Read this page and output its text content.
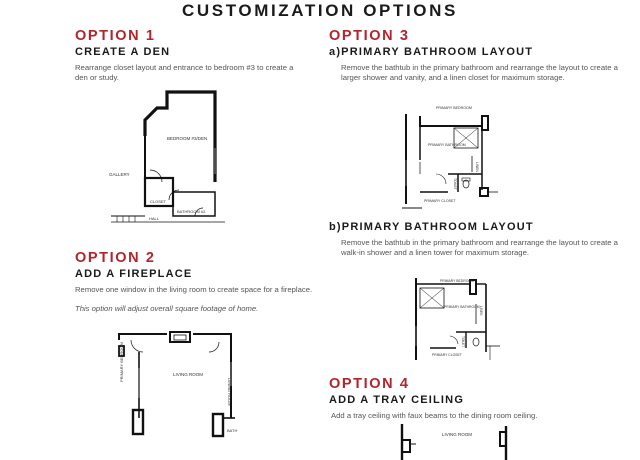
CUSTOMIZATION OPTIONS
OPTION 1
CREATE A DEN
Rearrange closet layout and entrance to bedroom #3 to create a den or study.
BEDROOM #3/DEN
GALLERY
CLOSET
BATHROOM #2
HALL
OPTION 2
ADD A FIREPLACE
Remove one window in the living room to create space for a fireplace.
This option will adjust overall square footage of home.
LIVING ROOM
PRIMARY BEDROOM
DINING ROOM
BATH
OPTION 3
a)PRIMARY BATHROOM LAYOUT
Remove the bathtub in the primary bathroom and rearrange the layout to create a larger shower and vanity, and a linen closet for maximum storage.
PRIMARY BEDROOM
PRIMARY BATHROOM
LINEN
TOILET
PRIMARY CLOSET
b)PRIMARY BATHROOM LAYOUT
Remove the bathtub in the primary bathroom and rearrange the layout to create a walk-in shower and a linen tower for maximum storage.
PRIMARY BEDROOM
PRIMARY BATHROOM LINEN
TOILET
PRIMARY CLOSET
OPTION 4
ADD A TRAY CEILING
Add a tray ceiling with faux beams to the dining room ceiling.
LIVING ROOM
